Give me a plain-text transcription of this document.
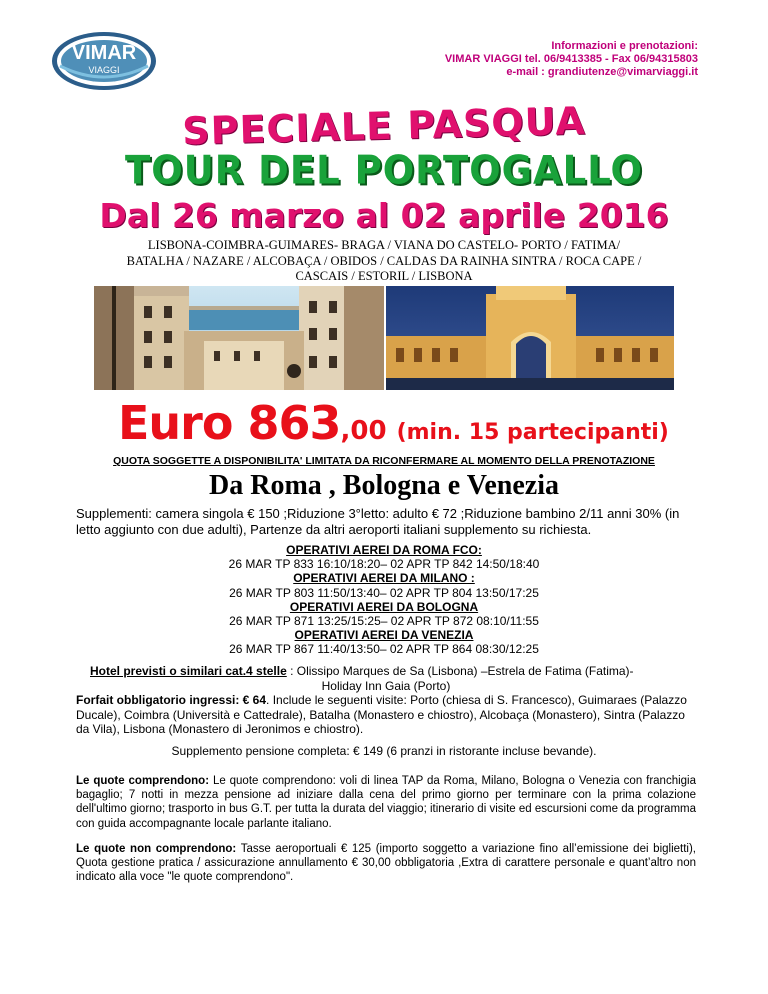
VIMAR
VIAGGI
Informazioni e prenotazioni:
VIMAR VIAGGI tel. 06/9413385 - Fax 06/94315803
e-mail : grandiutenze@vimarviaggi.it
SPECIALE PASQUA
TOUR DEL PORTOGALLO
Dal 26 marzo al 02 aprile 2016
LISBONA-COIMBRA-GUIMARES- BRAGA / VIANA DO CASTELO- PORTO / FATIMA/
BATALHA / NAZARE / ALCOBAÇA / OBIDOS / CALDAS DA RAINHA SINTRA / ROCA CAPE /
CASCAIS / ESTORIL / LISBONA
Euro 863,00 (min. 15 partecipanti)
QUOTA SOGGETTE A DISPONIBILITA' LIMITATA DA RICONFERMARE AL MOMENTO DELLA PRENOTAZIONE
Da Roma , Bologna e Venezia
Supplementi: camera singola € 150 ;Riduzione 3°letto: adulto € 72 ;Riduzione bambino 2/11 anni 30% (in letto aggiunto con due adulti), Partenze da altri aeroporti italiani supplemento su richiesta.
OPERATIVI AEREI DA ROMA FCO:
26 MAR TP 833 16:10/18:20– 02 APR TP 842 14:50/18:40
OPERATIVI AEREI DA MILANO :
26 MAR TP 803 11:50/13:40– 02 APR TP 804 13:50/17:25
OPERATIVI AEREI DA BOLOGNA
26 MAR TP 871 13:25/15:25– 02 APR TP 872 08:10/11:55
OPERATIVI AEREI DA VENEZIA
26 MAR TP 867 11:40/13:50– 02 APR TP 864 08:30/12:25
Hotel previsti o similari cat.4 stelle : Olissipo Marques de Sa (Lisbona) –Estrela de Fatima (Fatima)-
Holiday Inn Gaia (Porto)
Forfait obbligatorio ingressi: € 64. Include le seguenti visite: Porto (chiesa di S. Francesco), Guimaraes (Palazzo Ducale), Coimbra (Università e Cattedrale), Batalha (Monastero e chiostro), Alcobaça (Monastero), Sintra (Palazzo da Vila), Lisbona (Monastero di Jeronimos e chiostro).
Supplemento pensione completa: € 149 (6 pranzi in ristorante incluse bevande).
Le quote comprendono: Le quote comprendono: voli di linea TAP da Roma, Milano, Bologna o Venezia con franchigia bagaglio; 7 notti in mezza pensione ad iniziare dalla cena del primo giorno per terminare con la prima colazione dell'ultimo giorno; trasporto in bus G.T. per tutta la durata del viaggio; itinerario di visite ed escursioni come da programma con guida accompagnante locale parlante italiano.
Le quote non comprendono: Tasse aeroportuali € 125 (importo soggetto a variazione fino all’emissione dei biglietti), Quota gestione pratica / assicurazione annullamento € 30,00 obbligatoria ,Extra di carattere personale e quant’altro non indicato alla voce "le quote comprendono".
